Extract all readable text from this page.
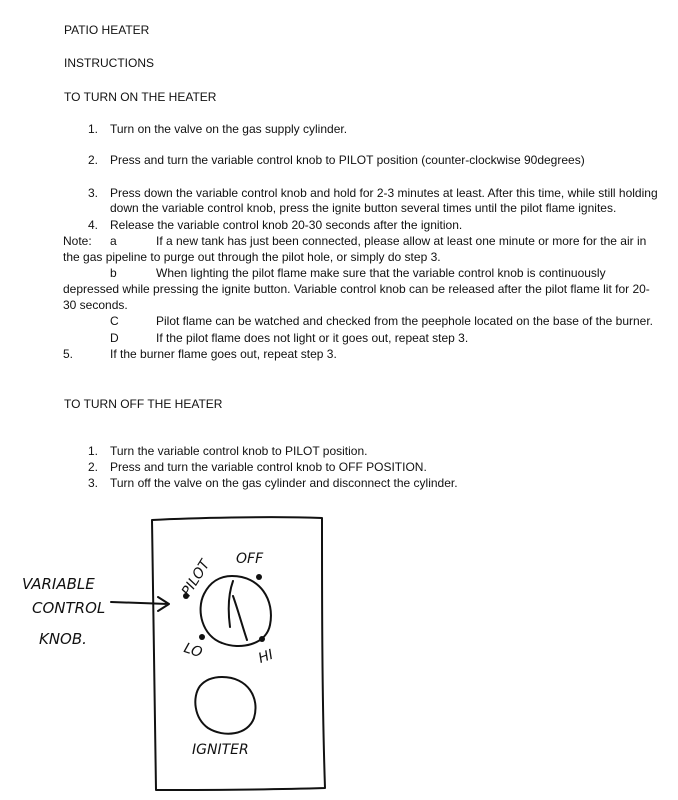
PATIO HEATER
INSTRUCTIONS
TO TURN ON THE HEATER
1. Turn on the valve on the gas supply cylinder.
2. Press and turn the variable control knob to PILOT position (counter-clockwise 90degrees)
3. Press down the variable control knob and hold for 2-3 minutes at least. After this time, while still holding
down the variable control knob, press the ignite button several times until the pilot flame ignites.
4. Release the variable control knob 20-30 seconds after the ignition.
Note: a	If a new tank has just been connected, please allow at least one minute or more for the air in
the gas pipeline to purge out through the pilot hole, or simply do step 3.
b	When lighting the pilot flame make sure that the variable control knob is continuously
depressed while pressing the ignite button. Variable control knob can be released after the pilot flame lit for 20-
30 seconds.
C	Pilot flame can be watched and checked from the peephole located on the base of the burner.
D	If the pilot flame does not light or it goes out, repeat step 3.
5.	If the burner flame goes out, repeat step 3.
TO TURN OFF THE HEATER
1. Turn the variable control knob to PILOT position.
2. Press and turn the variable control knob to OFF POSITION.
3. Turn off the valve on the gas cylinder and disconnect the cylinder.
PILOT OFF
LO	HI
IGNITER
VARIABLE
CONTROL
KNOB.
